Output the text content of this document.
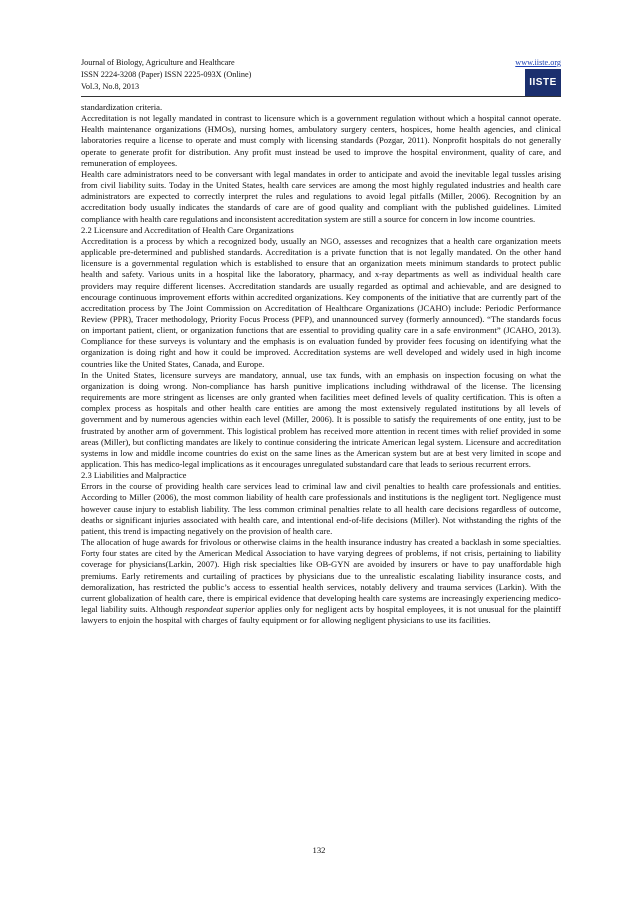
Journal of Biology, Agriculture and Healthcare
ISSN 2224-3208 (Paper) ISSN 2225-093X (Online)
Vol.3, No.8, 2013
www.iiste.org
IISTE

standardization criteria.

Accreditation is not legally mandated in contrast to licensure which is a government regulation without which a hospital cannot operate. Health maintenance organizations (HMOs), nursing homes, ambulatory surgery centers, hospices, home health agencies, and clinical laboratories require a license to operate and must comply with licensing standards (Pozgar, 2011). Nonprofit hospitals do not generally operate to generate profit for distribution. Any profit must instead be used to improve the hospital environment, quality of care, and remuneration of employees.

Health care administrators need to be conversant with legal mandates in order to anticipate and avoid the inevitable legal tussles arising from civil liability suits. Today in the United States, health care services are among the most highly regulated industries and health care administrators are expected to correctly interpret the rules and regulations to avoid legal pitfalls (Miller, 2006). Recognition by an accreditation body usually indicates the standards of care are of good quality and compliant with the published guidelines. Limited compliance with health care regulations and inconsistent accreditation system are still a source for concern in low income countries.

2.2 Licensure and Accreditation of Health Care Organizations

Accreditation is a process by which a recognized body, usually an NGO, assesses and recognizes that a health care organization meets applicable pre-determined and published standards. Accreditation is a private function that is not legally mandated. On the other hand licensure is a governmental regulation which is established to ensure that an organization meets minimum standards to protect public health and safety. Various units in a hospital like the laboratory, pharmacy, and x-ray departments as well as individual health care providers may require different licenses. Accreditation standards are usually regarded as optimal and achievable, and are designed to encourage continuous improvement efforts within accredited organizations. Key components of the initiative that are currently part of the accreditation process by The Joint Commission on Accreditation of Healthcare Organizations (JCAHO) include: Periodic Performance Review (PPR), Tracer methodology, Priority Focus Process (PFP), and unannounced survey (formerly announced). “The standards focus on important patient, client, or organization functions that are essential to providing quality care in a safe environment” (JCAHO, 2013). Compliance for these surveys is voluntary and the emphasis is on evaluation funded by provider fees focusing on identifying what the organization is doing right and how it could be improved. Accreditation systems are well developed and widely used in high income countries like the United States, Canada, and Europe.

In the United States, licensure surveys are mandatory, annual, use tax funds, with an emphasis on inspection focusing on what the organization is doing wrong. Non-compliance has harsh punitive implications including withdrawal of the license. The licensing requirements are more stringent as licenses are only granted when facilities meet defined levels of quality certification. This is often a complex process as hospitals and other health care entities are among the most extensively regulated institutions by all levels of government and by numerous agencies within each level (Miller, 2006). It is possible to satisfy the requirements of one entity, just to be frustrated by another arm of government. This logistical problem has received more attention in recent times with relief provided in some areas (Miller), but conflicting mandates are likely to continue considering the intricate American legal system. Licensure and accreditation systems in low and middle income countries do exist on the same lines as the American system but are at best very limited in scope and application. This has medico-legal implications as it encourages unregulated substandard care that leads to serious recurrent errors.

2.3 Liabilities and Malpractice

Errors in the course of providing health care services lead to criminal law and civil penalties to health care professionals and entities. According to Miller (2006), the most common liability of health care professionals and institutions is the negligent tort. Negligence must however cause injury to establish liability. The less common criminal penalties relate to all health care decisions regardless of outcome, deaths or significant injuries associated with health care, and intentional end-of-life decisions (Miller). Not withstanding the rights of the patient, this trend is impacting negatively on the provision of health care.

The allocation of huge awards for frivolous or otherwise claims in the health insurance industry has created a backlash in some specialties. Forty four states are cited by the American Medical Association to have varying degrees of problems, if not crisis, pertaining to liability coverage for physicians(Larkin, 2007). High risk specialties like OB-GYN are avoided by insurers or have to pay unaffordable high premiums. Early retirements and curtailing of practices by physicians due to the unrealistic escalating liability insurance costs, and demoralization, has restricted the public’s access to essential health services, notably delivery and trauma services (Larkin). With the current globalization of health care, there is empirical evidence that developing health care systems are increasingly experiencing medico-legal liability suits. Although respondeat superior applies only for negligent acts by hospital employees, it is not unusual for the plaintiff lawyers to enjoin the hospital with charges of faulty equipment or for allowing negligent physicians to use its facilities.

132
